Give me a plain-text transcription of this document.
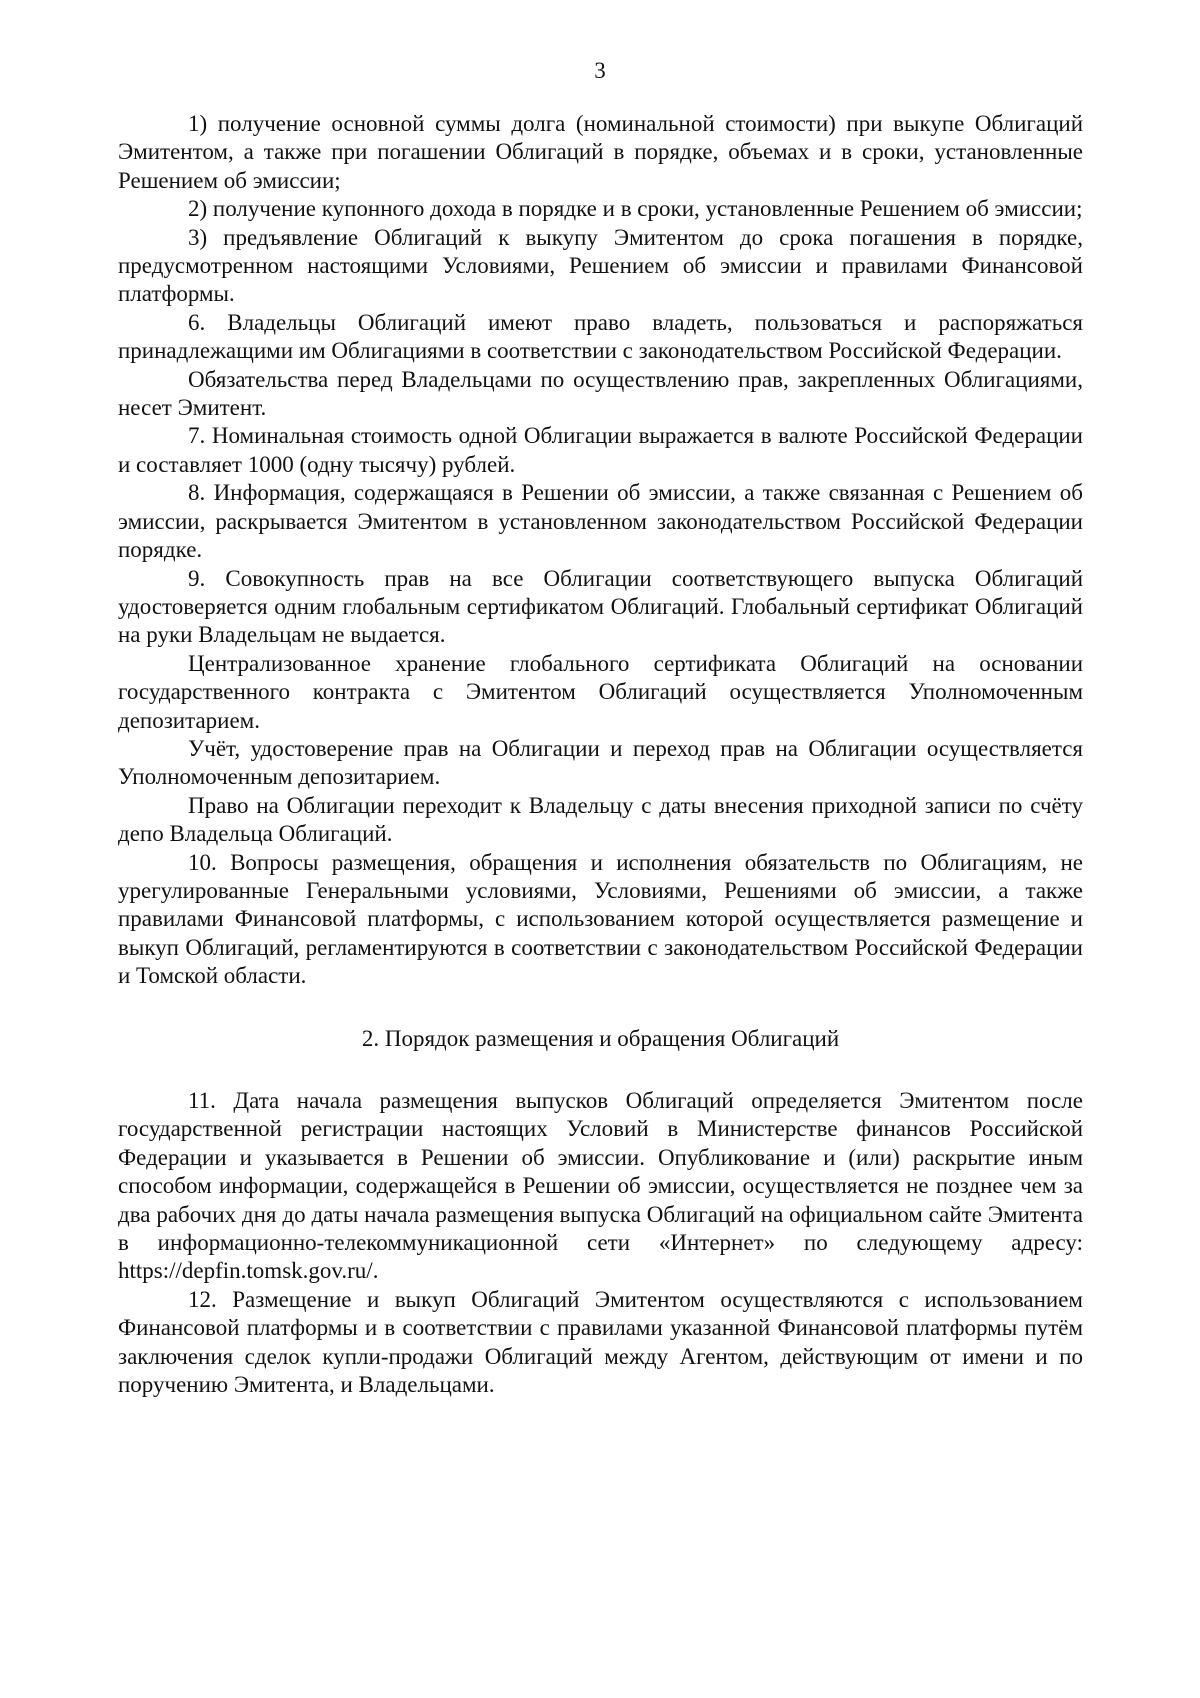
3

1) получение основной суммы долга (номинальной стоимости) при выкупе Облигаций Эмитентом, а также при погашении Облигаций в порядке, объемах и в сроки, установленные Решением об эмиссии;

2) получение купонного дохода в порядке и в сроки, установленные Решением об эмиссии;

3) предъявление Облигаций к выкупу Эмитентом до срока погашения в порядке, предусмотренном настоящими Условиями, Решением об эмиссии и правилами Финансовой платформы.

6. Владельцы Облигаций имеют право владеть, пользоваться и распоряжаться принадлежащими им Облигациями в соответствии с законодательством Российской Федерации.

Обязательства перед Владельцами по осуществлению прав, закрепленных Облигациями, несет Эмитент.

7. Номинальная стоимость одной Облигации выражается в валюте Российской Федерации и составляет 1000 (одну тысячу) рублей.

8. Информация, содержащаяся в Решении об эмиссии, а также связанная с Решением об эмиссии, раскрывается Эмитентом в установленном законодательством Российской Федерации порядке.

9. Совокупность прав на все Облигации соответствующего выпуска Облигаций удостоверяется одним глобальным сертификатом Облигаций. Глобальный сертификат Облигаций на руки Владельцам не выдается.

Централизованное хранение глобального сертификата Облигаций на основании государственного контракта с Эмитентом Облигаций осуществляется Уполномоченным депозитарием.

Учёт, удостоверение прав на Облигации и переход прав на Облигации осуществляется Уполномоченным депозитарием.

Право на Облигации переходит к Владельцу с даты внесения приходной записи по счёту депо Владельца Облигаций.

10. Вопросы размещения, обращения и исполнения обязательств по Облигациям, не урегулированные Генеральными условиями, Условиями, Решениями об эмиссии, а также правилами Финансовой платформы, с использованием которой осуществляется размещение и выкуп Облигаций, регламентируются в соответствии с законодательством Российской Федерации и Томской области.

2. Порядок размещения и обращения Облигаций

11. Дата начала размещения выпусков Облигаций определяется Эмитентом после государственной регистрации настоящих Условий в Министерстве финансов Российской Федерации и указывается в Решении об эмиссии. Опубликование и (или) раскрытие иным способом информации, содержащейся в Решении об эмиссии, осуществляется не позднее чем за два рабочих дня до даты начала размещения выпуска Облигаций на официальном сайте Эмитента в информационно-телекоммуникационной сети «Интернет» по следующему адресу: https://depfin.tomsk.gov.ru/.

12. Размещение и выкуп Облигаций Эмитентом осуществляются с использованием Финансовой платформы и в соответствии с правилами указанной Финансовой платформы путём заключения сделок купли-продажи Облигаций между Агентом, действующим от имени и по поручению Эмитента, и Владельцами.
